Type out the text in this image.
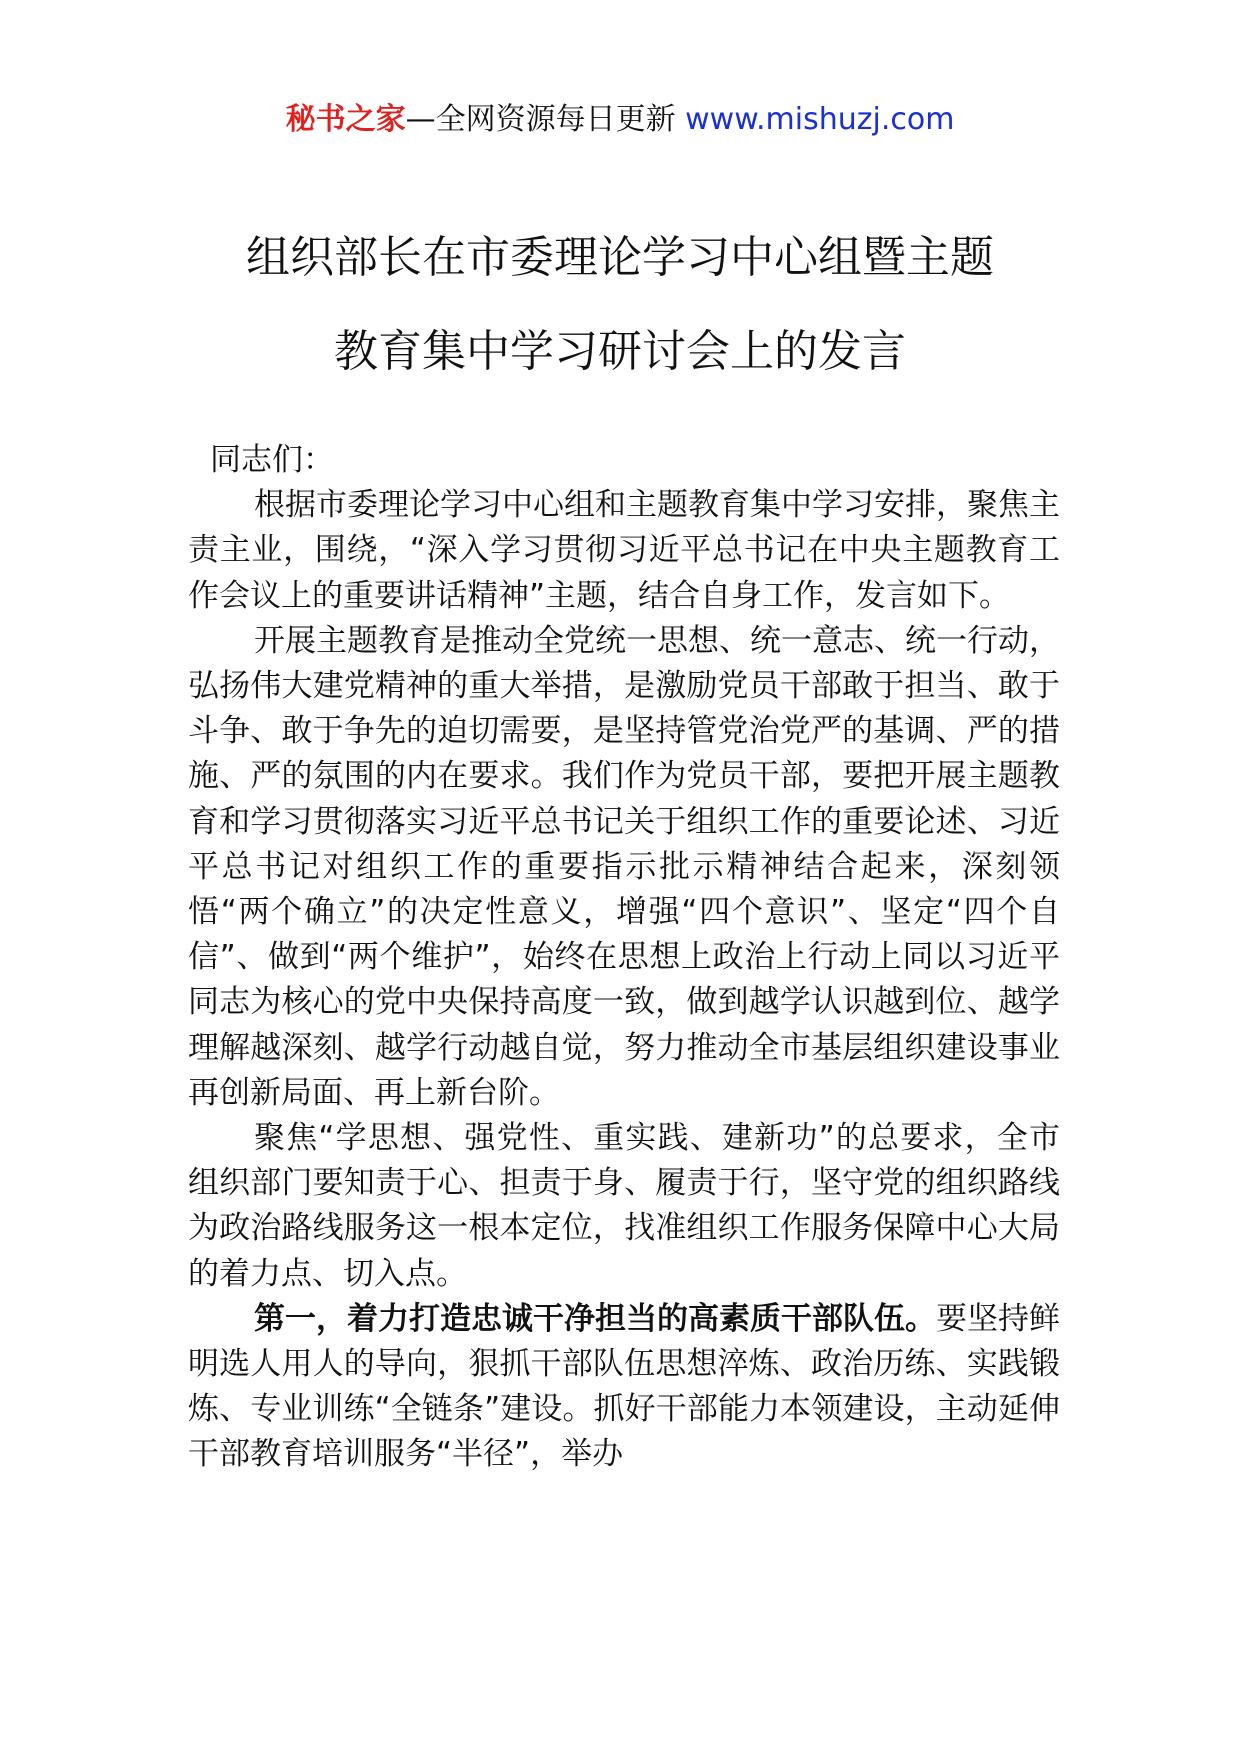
秘书之家—全网资源每日更新 www.mishuzj.com
组织部长在市委理论学习中心组暨主题
教育集中学习研讨会上的发言

同志们：

根据市委理论学习中心组和主题教育集中学习安排，聚焦主责主业，围绕，“深入学习贯彻习近平总书记在中央主题教育工作会议上的重要讲话精神”主题，结合自身工作，发言如下。

开展主题教育是推动全党统一思想、统一意志、统一行动，弘扬伟大建党精神的重大举措，是激励党员干部敢于担当、敢于斗争、敢于争先的迫切需要，是坚持管党治党严的基调、严的措施、严的氛围的内在要求。我们作为党员干部，要把开展主题教育和学习贯彻落实习近平总书记关于组织工作的重要论述、习近平总书记对组织工作的重要指示批示精神结合起来，深刻领悟“两个确立”的决定性意义，增强“四个意识”、坚定“四个自信”、做到“两个维护”，始终在思想上政治上行动上同以习近平同志为核心的党中央保持高度一致，做到越学认识越到位、越学理解越深刻、越学行动越自觉，努力推动全市基层组织建设事业再创新局面、再上新台阶。

聚焦“学思想、强党性、重实践、建新功”的总要求，全市组织部门要知责于心、担责于身、履责于行，坚守党的组织路线为政治路线服务这一根本定位，找准组织工作服务保障中心大局的着力点、切入点。

第一，着力打造忠诚干净担当的高素质干部队伍。要坚持鲜明选人用人的导向，狠抓干部队伍思想淬炼、政治历练、实践锻炼、专业训练“全链条”建设。抓好干部能力本领建设，主动延伸干部教育培训服务“半径”，举办
